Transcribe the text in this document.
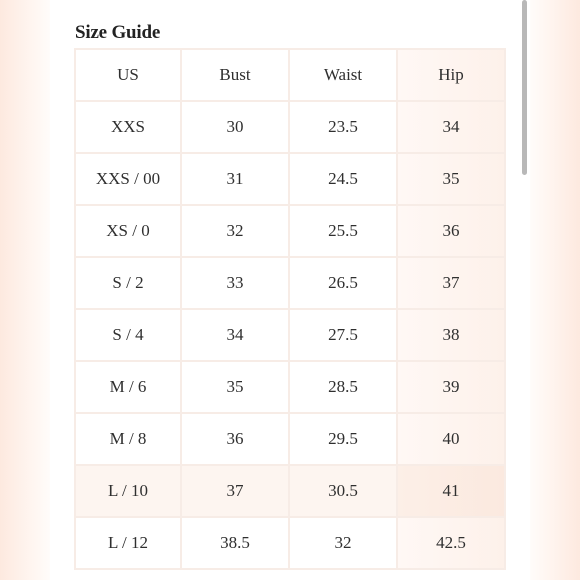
Size Guide
US	Bust	Waist	Hip
XXS	30	23.5	34
XXS / 00	31	24.5	35
XS / 0	32	25.5	36
S / 2	33	26.5	37
S / 4	34	27.5	38
M / 6	35	28.5	39
M / 8	36	29.5	40
L / 10	37	30.5	41
L / 12	38.5	32	42.5
